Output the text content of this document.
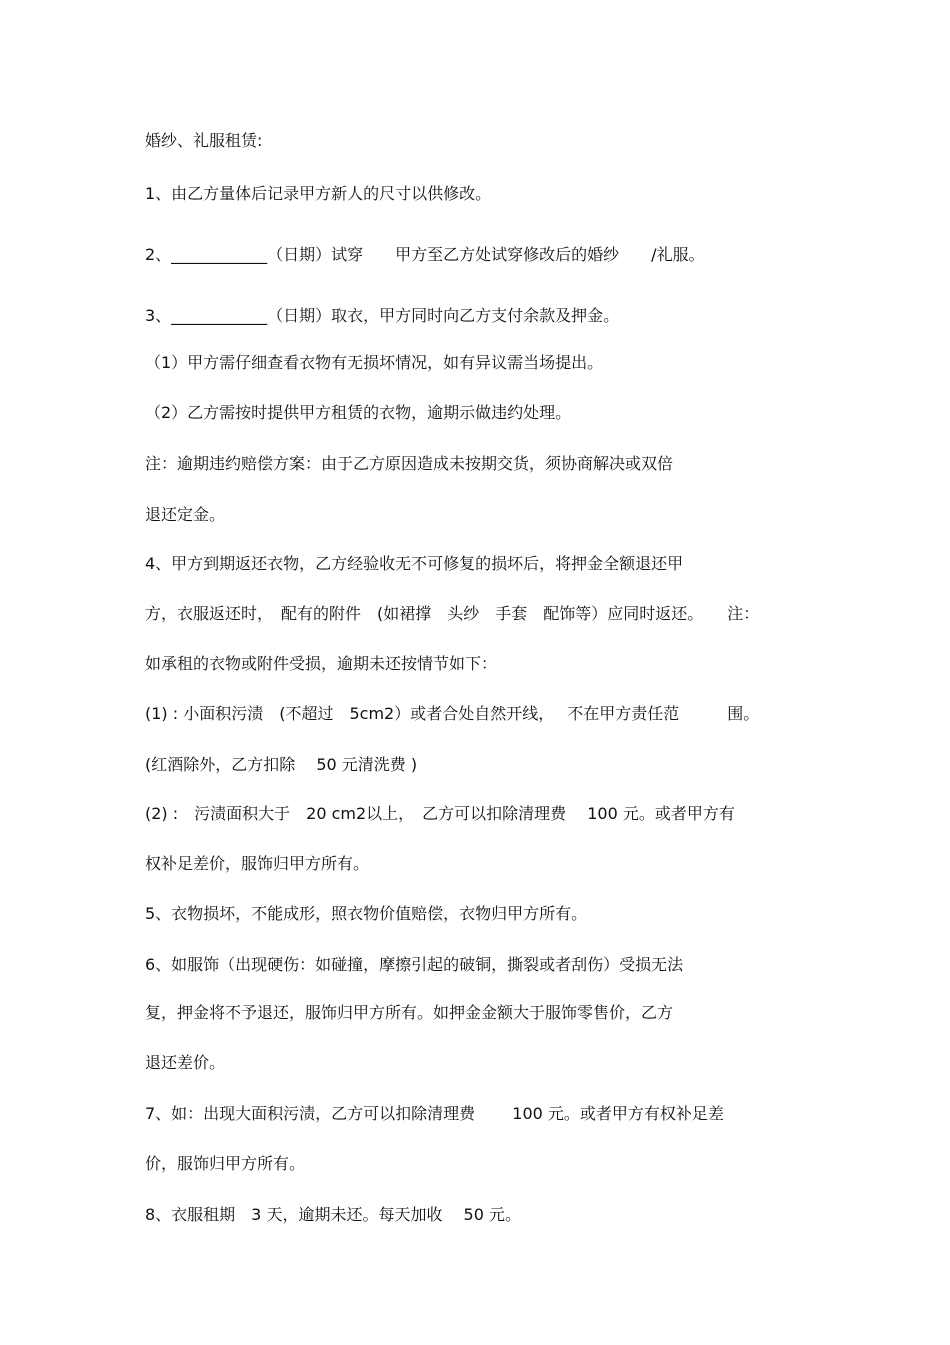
婚纱、礼服租赁:
1、由乙方量体后记录甲方新人的尺寸以供修改。
2、____________（日期）试穿　　甲方至乙方处试穿修改后的婚纱　　/礼服。
3、____________（日期）取衣，甲方同时向乙方支付余款及押金。
（1）甲方需仔细查看衣物有无损坏情况，如有异议需当场提出。
（2）乙方需按时提供甲方租赁的衣物，逾期示做违约处理。
注：逾期违约赔偿方案：由于乙方原因造成未按期交货，须协商解决或双倍
退还定金。
4、甲方到期返还衣物，乙方经验收无不可修复的损坏后，将押金全额退还甲
方，衣服返还时，　配有的附件　(如裙撑　头纱　手套　配饰等）应同时返还。　　注：
如承租的衣物或附件受损，逾期未还按情节如下：
(1) : 小面积污渍　(不超过　5cm2）或者合处自然开线，　 不在甲方责任范　　　围。
(红酒除外，乙方扣除　 50 元清洗费 )
(2) :　污渍面积大于　20 cm2以上，　乙方可以扣除清理费　 100 元。或者甲方有
权补足差价，服饰归甲方所有。
5、衣物损坏，不能成形，照衣物价值赔偿，衣物归甲方所有。
6、如服饰（出现硬伤：如碰撞，摩擦引起的破铜，撕裂或者刮伤）受损无法
复，押金将不予退还，服饰归甲方所有。如押金金额大于服饰零售价，乙方
退还差价。
7、如：出现大面积污渍，乙方可以扣除清理费　　 100 元。或者甲方有权补足差
价，服饰归甲方所有。
8、衣服租期　3 天，逾期未还。每天加收　 50 元。
